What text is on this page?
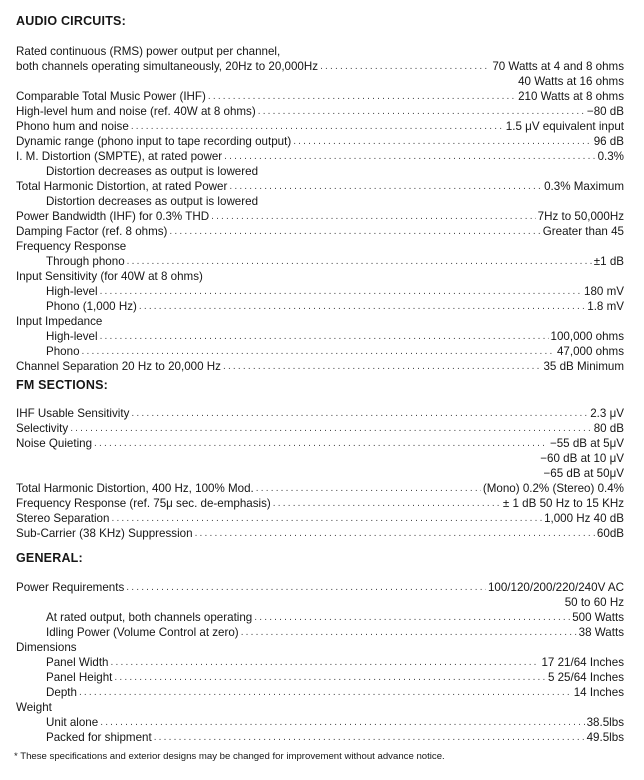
AUDIO CIRCUITS:
Rated continuous (RMS) power output per channel,
both channels operating simultaneously, 20Hz to 20,000Hz .....	70 Watts at 4 and 8 ohms
40 Watts at 16 ohms
Comparable Total Music Power (IHF) .....	210 Watts at 8 ohms
High-level hum and noise (ref. 40W at 8 ohms) .....	−80 dB
Phono hum and noise .....	1.5 μV equivalent input
Dynamic range (phono input to tape recording output) .....	96 dB
I. M. Distortion (SMPTE), at rated power .....	0.3%
Distortion decreases as output is lowered
Total Harmonic Distortion, at rated Power .....	0.3% Maximum
Distortion decreases as output is lowered
Power Bandwidth (IHF) for 0.3% THD .....	7Hz to 50,000Hz
Damping Factor (ref. 8 ohms) .....	Greater than 45
Frequency Response
Through phono .....	±1 dB
Input Sensitivity (for 40W at 8 ohms)
High-level .....	180 mV
Phono (1,000 Hz) .....	1.8 mV
Input Impedance
High-level .....	100,000 ohms
Phono .....	47,000 ohms
Channel Separation 20 Hz to 20,000 Hz .....	35 dB Minimum
FM SECTIONS:
IHF Usable Sensitivity .....	2.3 μV
Selectivity .....	80 dB
Noise Quieting .....	−55 dB at 5μV
−60 dB at 10 μV
−65 dB at 50μV
Total Harmonic Distortion, 400 Hz, 100% Mod. .....	(Mono) 0.2% (Stereo) 0.4%
Frequency Response (ref. 75μ sec. de-emphasis) .....	± 1 dB 50 Hz to 15 KHz
Stereo Separation .....	1,000 Hz 40 dB
Sub-Carrier (38 KHz) Suppression .....	60dB
GENERAL:
Power Requirements .....	100/120/200/220/240V AC
50 to 60 Hz
At rated output, both channels operating .....	500 Watts
Idling Power (Volume Control at zero) .....	38 Watts
Dimensions
Panel Width .....	17 21/64 Inches
Panel Height .....	5 25/64 Inches
Depth .....	14 Inches
Weight
Unit alone .....	38.5lbs
Packed for shipment .....	49.5lbs
* These specifications and exterior designs may be changed for improvement without advance notice.
